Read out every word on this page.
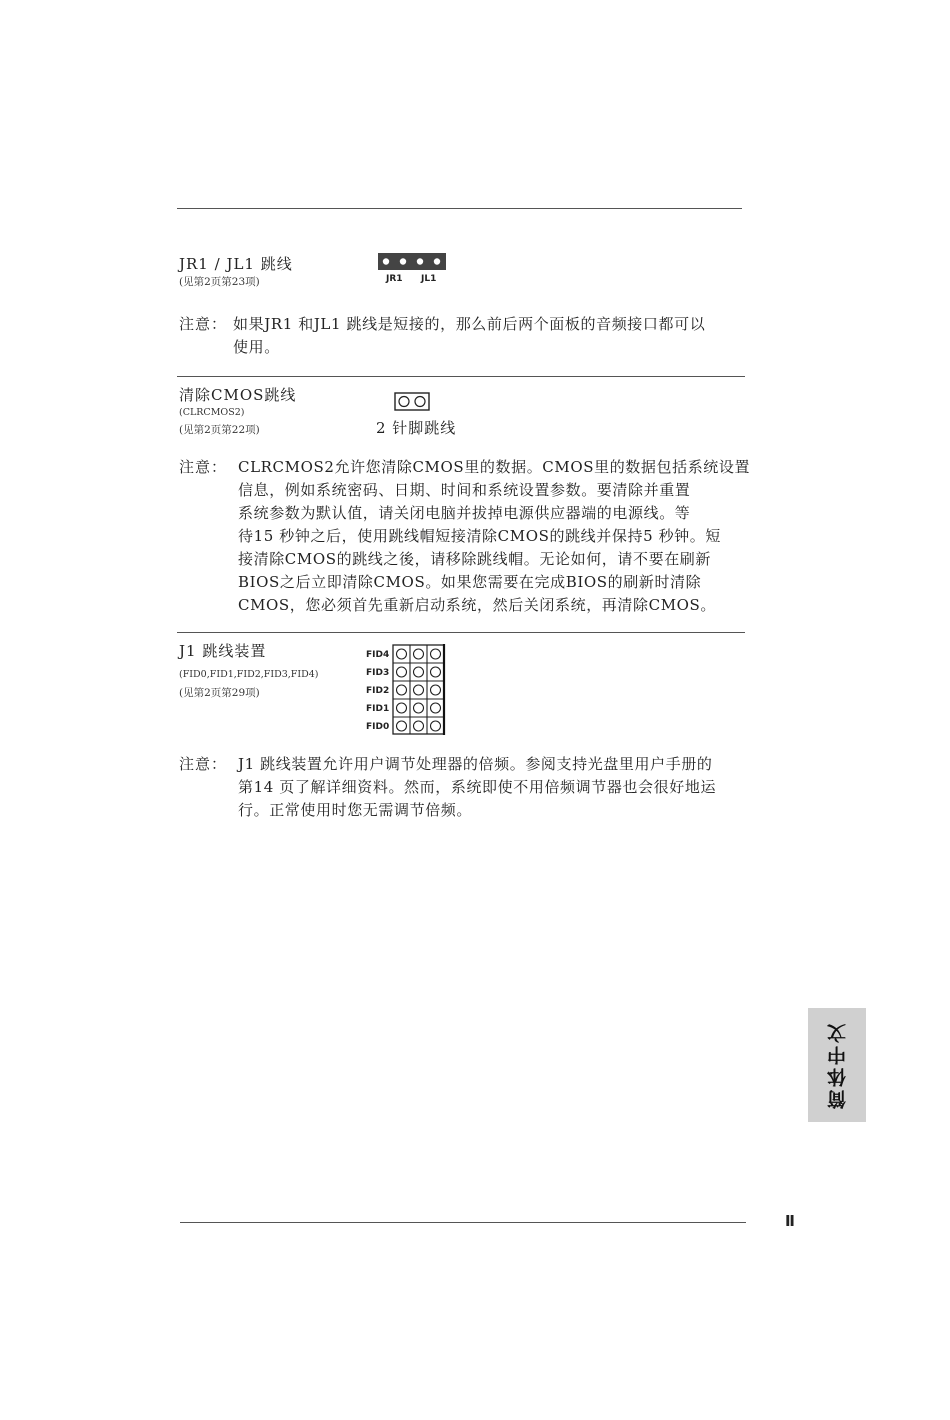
JR1 / JL1 跳线
(见第2页第23项)	JR1 JL1
注意： 如果JR1 和JL1 跳线是短接的，那么前后两个面板的音频接口都可以
使用。
清除CMOS跳线
(CLRCMOS2)
(见第2页第22项)	2 针脚跳线
注意： CLRCMOS2允许您清除CMOS里的数据。CMOS里的数据包括系统设置
信息，例如系统密码、日期、时间和系统设置参数。要清除并重置
系统参数为默认值，请关闭电脑并拔掉电源供应器端的电源线。等
待15 秒钟之后，使用跳线帽短接清除CMOS的跳线并保持5 秒钟。短
接清除CMOS的跳线之後，请移除跳线帽。无论如何，请不要在刷新
BIOS之后立即清除CMOS。如果您需要在完成BIOS的刷新时清除
CMOS，您必须首先重新启动系统，然后关闭系统，再清除CMOS。
J1 跳线装置
(FID0,FID1,FID2,FID3,FID4)
(见第2页第29项)
FID4
FID3
FID2
FID1
FID0
注意： J1 跳线装置允许用户调节处理器的倍频。参阅支持光盘里用户手册的
第14 页了解详细资料。然而，系统即使不用倍频调节器也会很好地运
行。正常使用时您无需调节倍频。
简体中文
Ⅱ
